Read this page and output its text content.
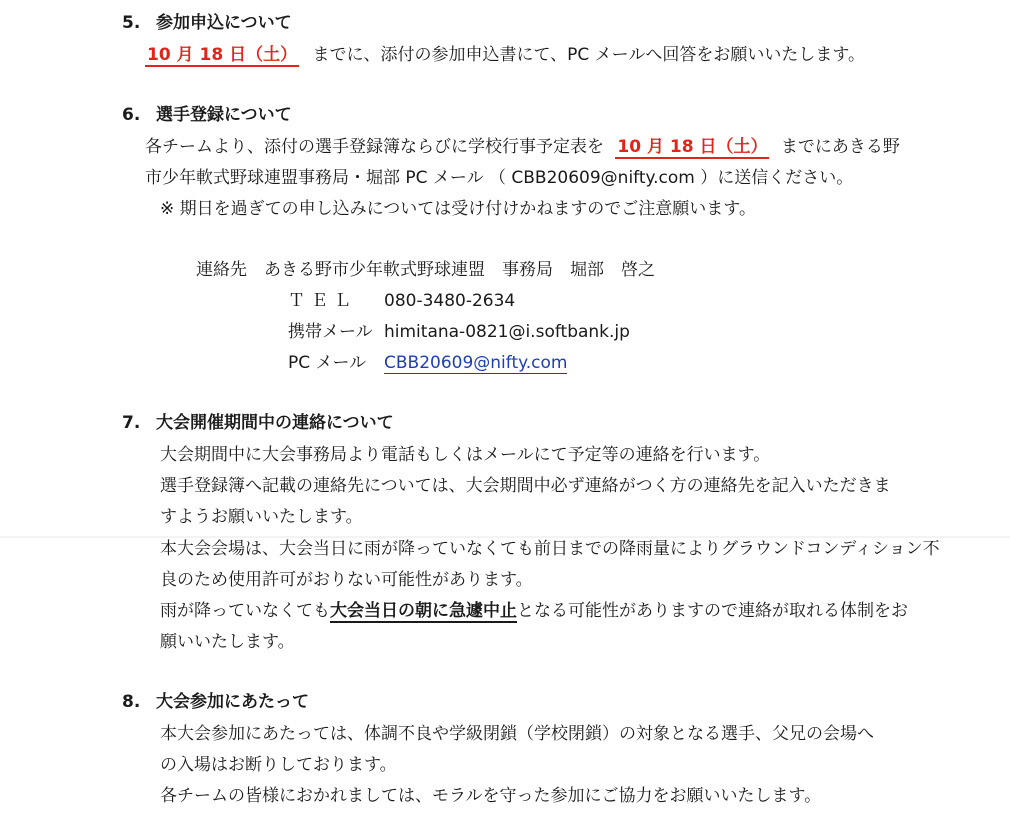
5. 参加申込について
10 月 18 日（土） までに、添付の参加申込書にて、PC メールへ回答をお願いいたします。
6. 選手登録について
各チームより、添付の選手登録簿ならびに学校行事予定表を 10 月 18 日（土） までにあきる野
市少年軟式野球連盟事務局・堀部 PC メール （ CBB20609@nifty.com ）に送信ください。
※ 期日を過ぎての申し込みについては受け付けかねますのでご注意願います。
連絡先　あきる野市少年軟式野球連盟　事務局　堀部　啓之
ＴＥＬ 080-3480-2634
携帯メール himitana-0821@i.softbank.jp
PC メール CBB20609@nifty.com
7. 大会開催期間中の連絡について
大会期間中に大会事務局より電話もしくはメールにて予定等の連絡を行います。
選手登録簿へ記載の連絡先については、大会期間中必ず連絡がつく方の連絡先を記入いただきま
すようお願いいたします。
本大会会場は、大会当日に雨が降っていなくても前日までの降雨量によりグラウンドコンディション不
良のため使用許可がおりない可能性があります。
雨が降っていなくても大会当日の朝に急遽中止となる可能性がありますので連絡が取れる体制をお
願いいたします。
8. 大会参加にあたって
本大会参加にあたっては、体調不良や学級閉鎖（学校閉鎖）の対象となる選手、父兄の会場へ
の入場はお断りしております。
各チームの皆様におかれましては、モラルを守った参加にご協力をお願いいたします。
